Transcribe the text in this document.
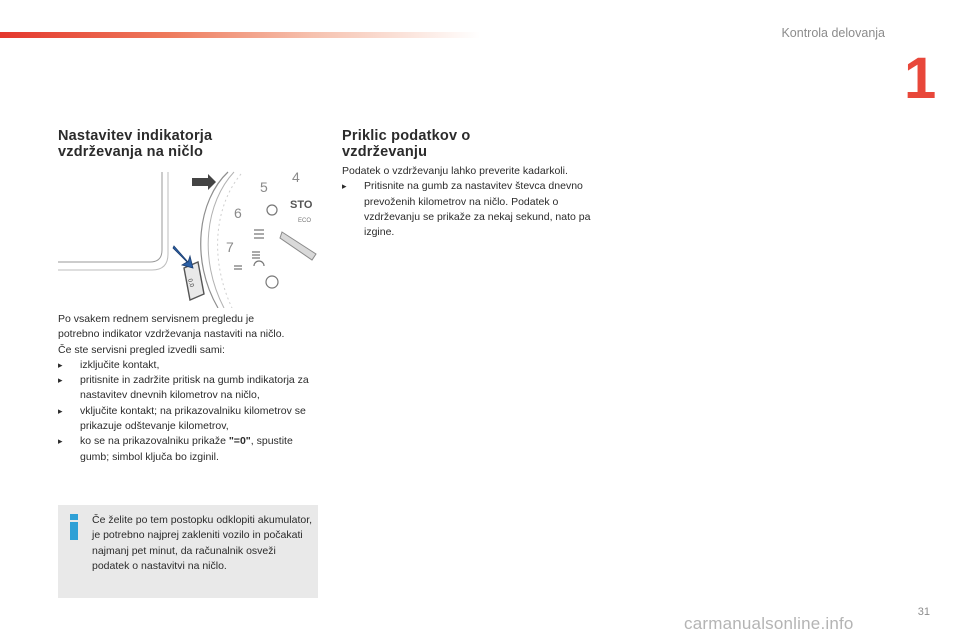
Kontrola delovanja
1
Nastavitev indikatorja
vzdrževanja na ničlo
5
4
6
7
STO
ECO
0.0
Po vsakem rednem servisnem pregledu je
potrebno indikator vzdrževanja nastaviti na ničlo.
Če ste servisni pregled izvedli sami:
▸ izključite kontakt,
▸ pritisnite in zadržite pritisk na gumb indikatorja za nastavitev dnevnih kilometrov na ničlo,
▸ vključite kontakt; na prikazovalniku kilometrov se prikazuje odštevanje kilometrov,
▸ ko se na prikazovalniku prikaže "=0", spustite gumb; simbol ključa bo izginil.
Če želite po tem postopku odklopiti akumulator, je potrebno najprej zakleniti vozilo in počakati najmanj pet minut, da računalnik osveži podatek o nastavitvi na ničlo.
Priklic podatkov o
vzdrževanju
Podatek o vzdrževanju lahko preverite kadarkoli.
▸ Pritisnite na gumb za nastavitev števca dnevno prevoženih kilometrov na ničlo. Podatek o vzdrževanju se prikaže za nekaj sekund, nato pa izgine.
31
carmanualsonline.info
